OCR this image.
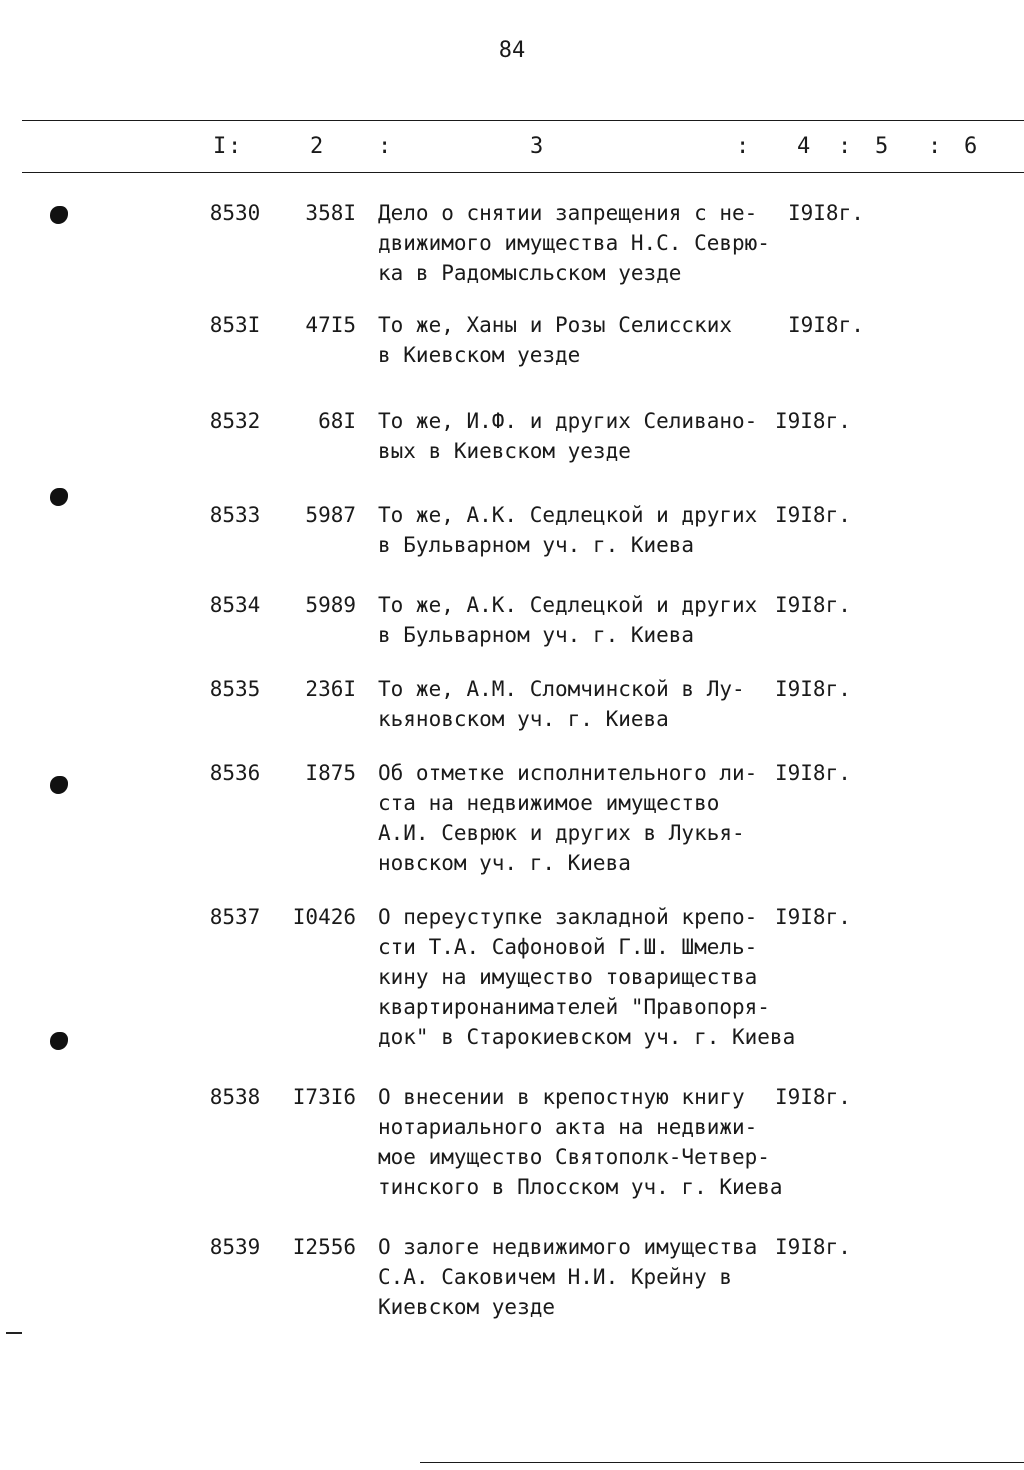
84
I :	2 :	3	: 4 : 5 : 6
8530	358I Дело о снятии запрещения с не-
движимого имущества Н.С. Севрю-
ка в Радомысльском уезде
I9I8г.
853I	47I5 То же, Ханы и Розы Селисских
в Киевском уезде
I9I8г.
8532	68I То же, И.Ф. и других Селивано-
вых в Киевском уезде
I9I8г.
8533	5987 То же, А.К. Седлецкой и других
в Бульварном уч. г. Киева
I9I8г.
8534	5989 То же, А.К. Седлецкой и других
в Бульварном уч. г. Киева
I9I8г.
8535	236I То же, А.М. Сломчинской в Лу-
кьяновском уч. г. Киева
I9I8г.
8536	I875 Об отметке исполнительного ли-
ста на недвижимое имущество
А.И. Севрюк и других в Лукья-
новском уч. г. Киева
I9I8г.
8537	I0426 О переуступке закладной крепо-
сти Т.А. Сафоновой Г.Ш. Шмель-
кину на имущество товарищества
квартиронанимателей "Правопоря-
док" в Старокиевском уч. г. Киева
I9I8г.
8538	I73I6 О внесении в крепостную книгу
нотариального акта на недвижи-
мое имущество Святополк-Четвер-
тинского в Плосском уч. г. Киева
I9I8г.
8539	I2556 О залоге недвижимого имущества
С.А. Саковичем Н.И. Крейну в
Киевском уезде
I9I8г.
